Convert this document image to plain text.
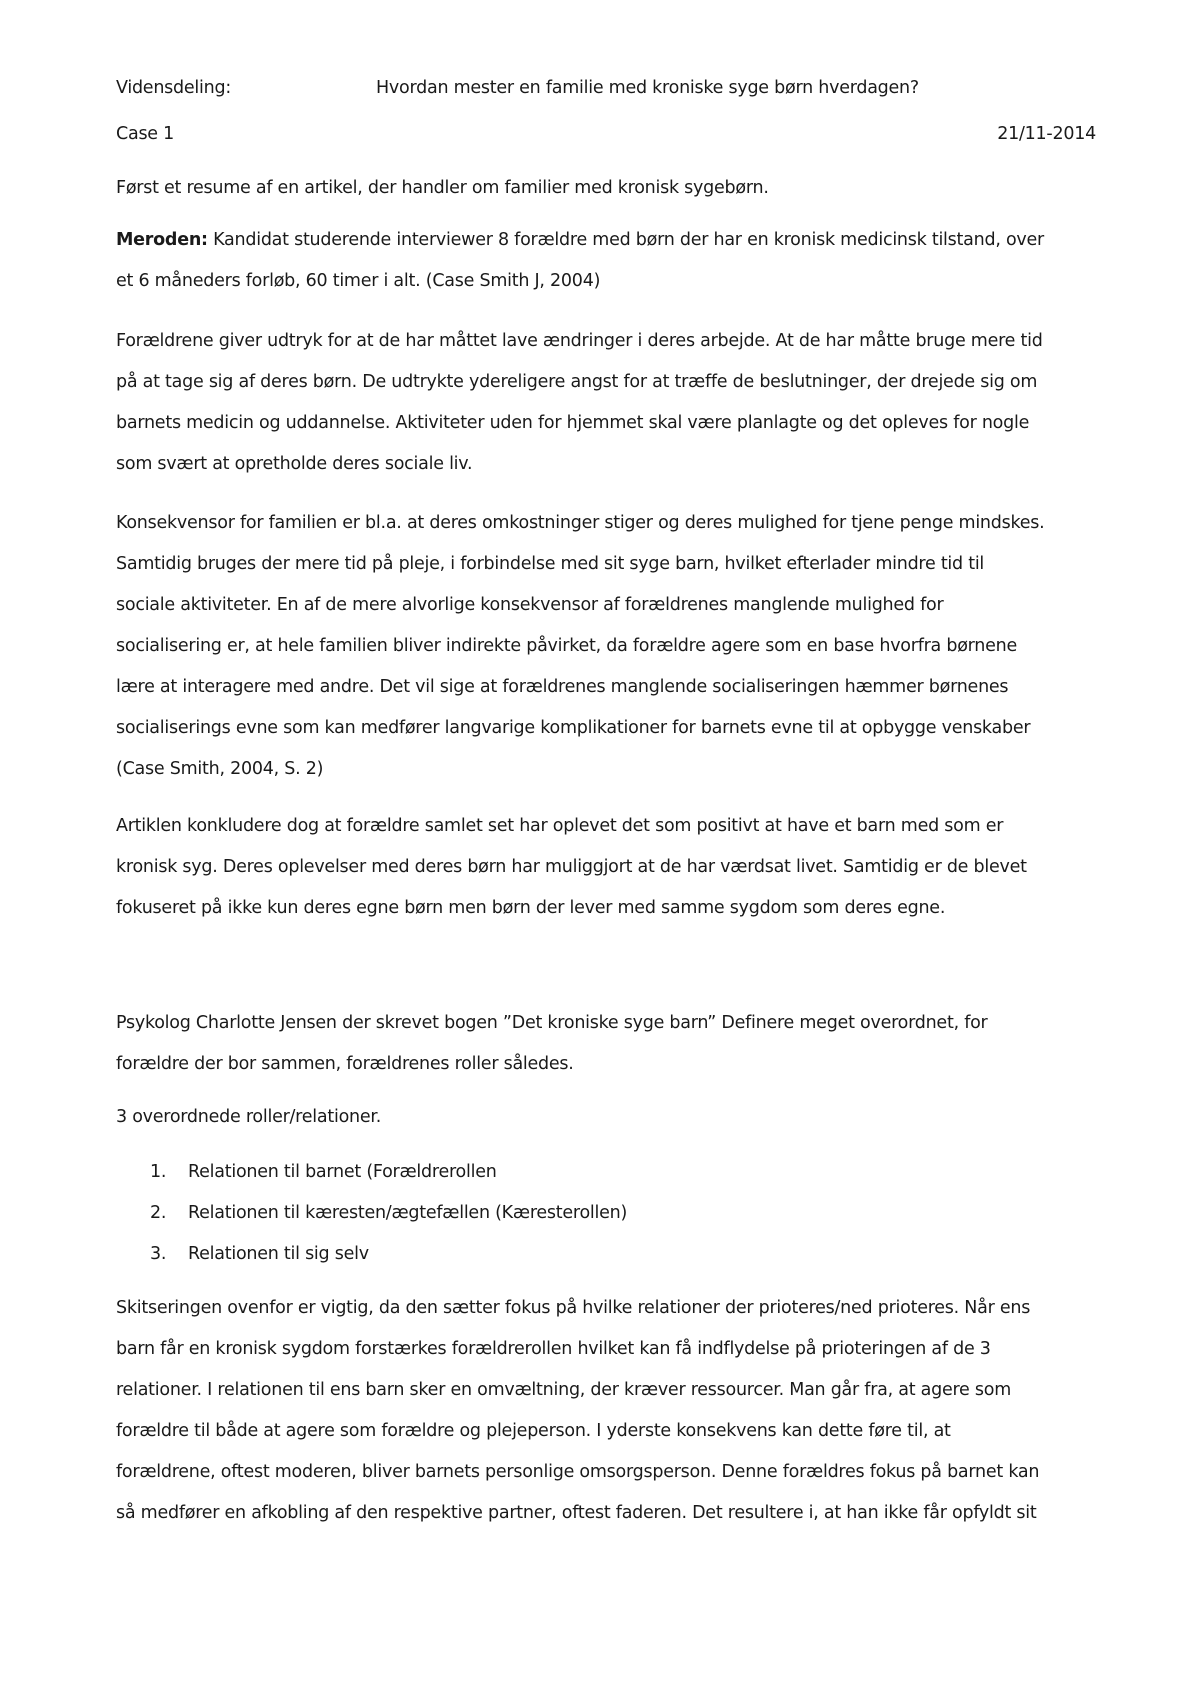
Vidensdeling:	Hvordan mester en familie med kroniske syge børn hverdagen?
Case 1	21/11-2014
Først et resume af en artikel, der handler om familier med kronisk sygebørn.
Meroden: Kandidat studerende interviewer 8 forældre med børn der har en kronisk medicinsk tilstand, over
et 6 måneders forløb, 60 timer i alt. (Case Smith J, 2004)
Forældrene giver udtryk for at de har måttet lave ændringer i deres arbejde. At de har måtte bruge mere tid
på at tage sig af deres børn. De udtrykte ydereligere angst for at træffe de beslutninger, der drejede sig om
barnets medicin og uddannelse. Aktiviteter uden for hjemmet skal være planlagte og det opleves for nogle
som svært at opretholde deres sociale liv.
Konsekvensor for familien er bl.a. at deres omkostninger stiger og deres mulighed for tjene penge mindskes.
Samtidig bruges der mere tid på pleje, i forbindelse med sit syge barn, hvilket efterlader mindre tid til
sociale aktiviteter. En af de mere alvorlige konsekvensor af forældrenes manglende mulighed for
socialisering er, at hele familien bliver indirekte påvirket, da forældre agere som en base hvorfra børnene
lære at interagere med andre. Det vil sige at forældrenes manglende socialiseringen hæmmer børnenes
socialiserings evne som kan medfører langvarige komplikationer for barnets evne til at opbygge venskaber
(Case Smith, 2004, S. 2)
Artiklen konkludere dog at forældre samlet set har oplevet det som positivt at have et barn med som er
kronisk syg. Deres oplevelser med deres børn har muliggjort at de har værdsat livet. Samtidig er de blevet
fokuseret på ikke kun deres egne børn men børn der lever med samme sygdom som deres egne.
Psykolog Charlotte Jensen der skrevet bogen ”Det kroniske syge barn” Definere meget overordnet, for
forældre der bor sammen, forældrenes roller således.
3 overordnede roller/relationer.
1. Relationen til barnet (Forældrerollen
2. Relationen til kæresten/ægtefællen (Kæresterollen)
3. Relationen til sig selv
Skitseringen ovenfor er vigtig, da den sætter fokus på hvilke relationer der prioteres/ned prioteres. Når ens
barn får en kronisk sygdom forstærkes forældrerollen hvilket kan få indflydelse på prioteringen af de 3
relationer. I relationen til ens barn sker en omvæltning, der kræver ressourcer. Man går fra, at agere som
forældre til både at agere som forældre og plejeperson. I yderste konsekvens kan dette føre til, at
forældrene, oftest moderen, bliver barnets personlige omsorgsperson. Denne forældres fokus på barnet kan
så medfører en afkobling af den respektive partner, oftest faderen. Det resultere i, at han ikke får opfyldt sit
